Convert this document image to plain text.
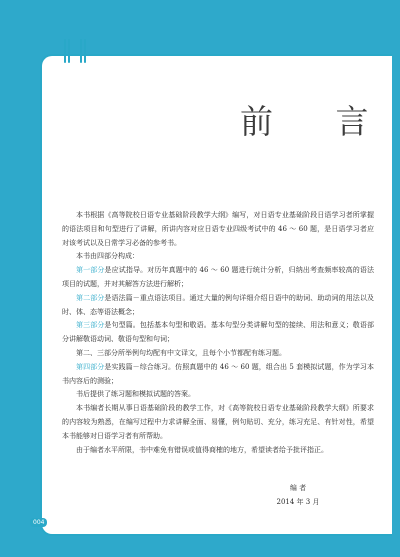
前 言

本书根据《高等院校日语专业基础阶段教学大纲》编写，对日语专业基础阶段日语学习者所掌握的语法项目和句型进行了讲解，所讲内容对应日语专业四级考试中的 46 ～ 60 题，是日语学习者应对该考试以及日常学习必备的参考书。

本书由四部分构成：

第一部分是应试指导。对历年真题中的 46 ～ 60 题进行统计分析，归纳出考查频率较高的语法项目的试题，并对其解答方法进行解析；

第二部分是语法篇－重点语法项目。通过大量的例句详细介绍日语中的助词、助动词的用法以及时、体、态等语法概念；

第三部分是句型篇。包括基本句型和敬语。基本句型分类讲解句型的接续、用法和意义；敬语部分讲解敬语动词、敬语句型和句词；

第二、三部分所举例句均配有中文译文，且每个小节都配有练习题。

第四部分是实践篇－综合练习。仿照真题中的 46 ～ 60 题，组合出 5 套模拟试题，作为学习本书内容后的测验；

书后提供了练习题和模拟试题的答案。

本书编者长期从事日语基础阶段的教学工作，对《高等院校日语专业基础阶段教学大纲》所要求的内容较为熟悉，在编写过程中力求讲解全面、易懂，例句贴切、充分，练习充足、有针对性，希望本书能够对日语学习者有所帮助。

由于编者水平所限，书中难免有错误或值得商榷的地方，希望读者给予批评指正。

编 者
2014 年 3 月
004
